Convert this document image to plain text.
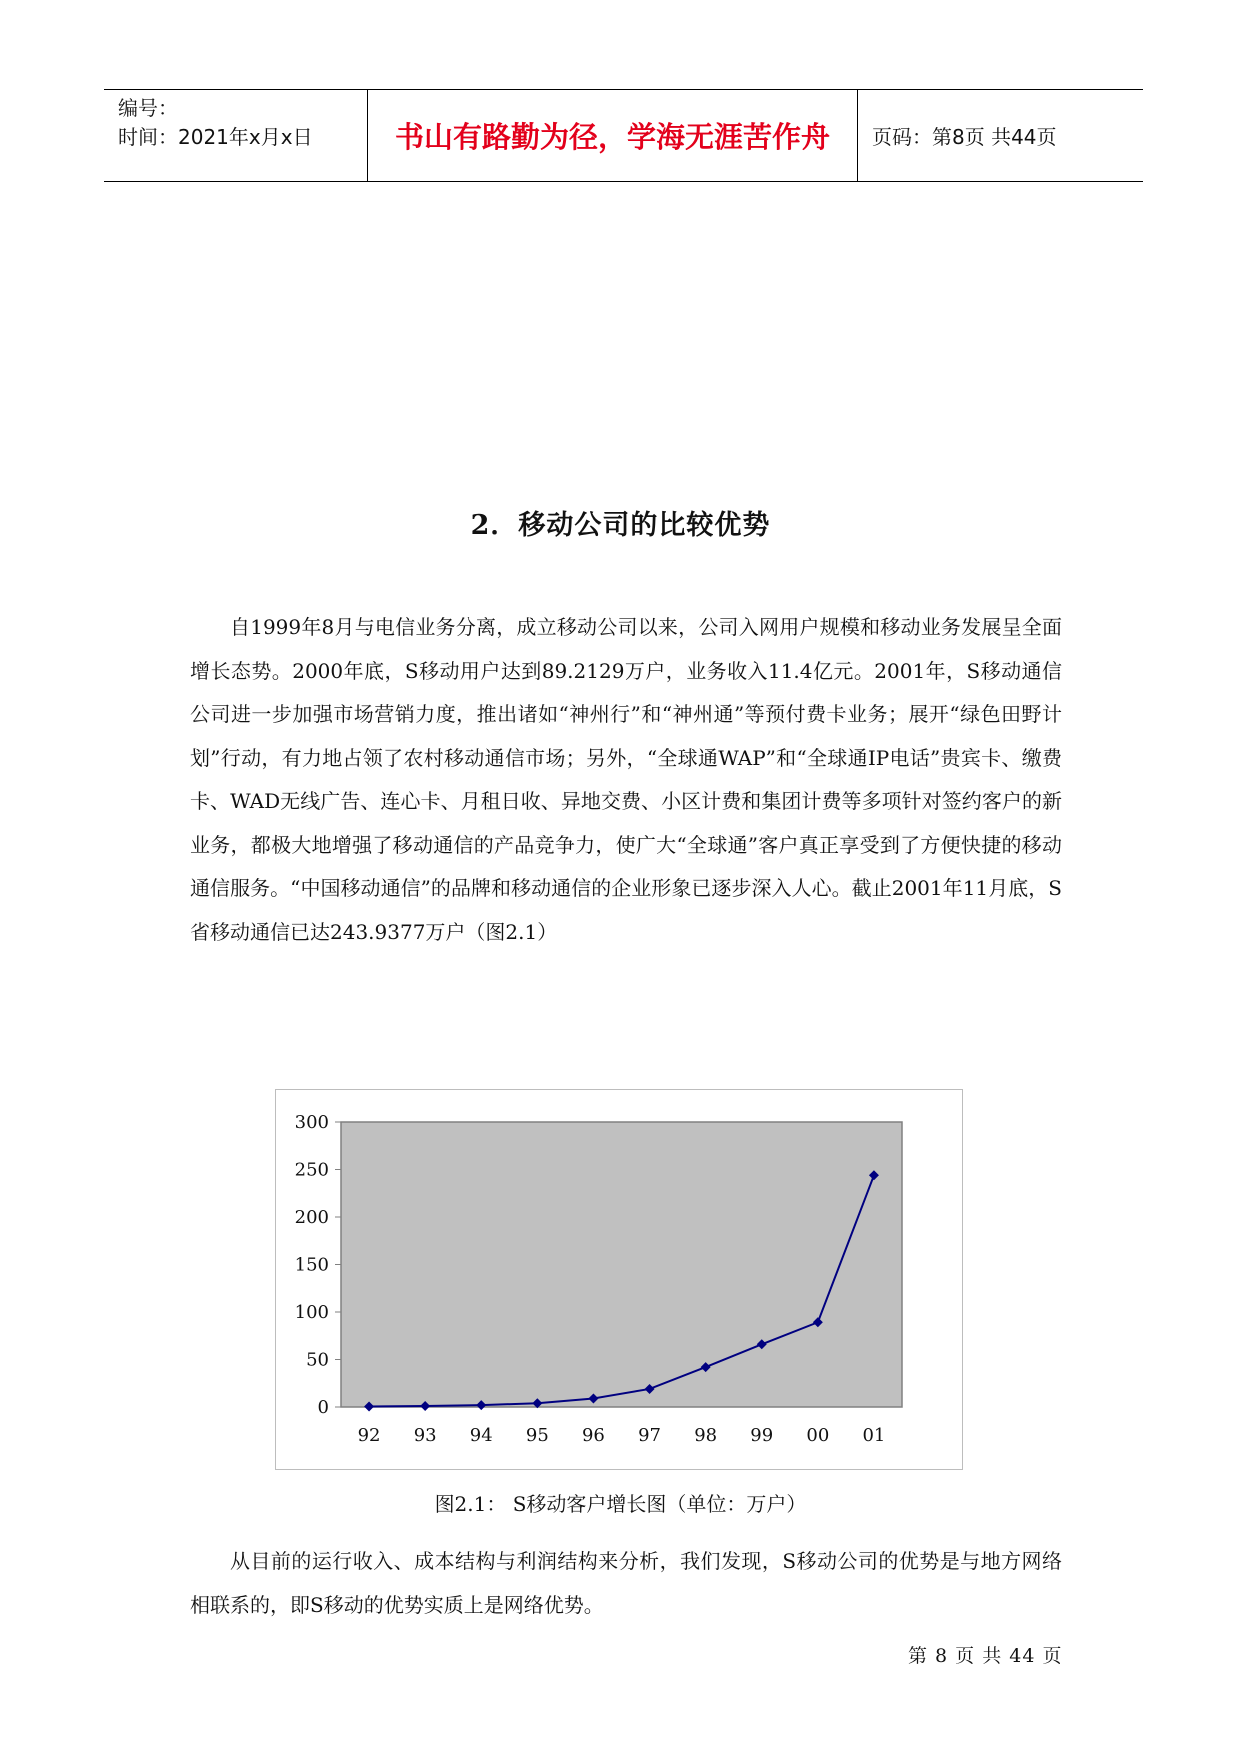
编号：
时间：2021年x月x日	书山有路勤为径，学海无涯苦作舟 页码：第8页 共44页
2．移动公司的比较优势
自1999年8月与电信业务分离，成立移动公司以来，公司入网用户规模和移动业务发展呈全面增长态势。2000年底，S移动用户达到89.2129万户，业务收入11.4亿元。2001年，S移动通信公司进一步加强市场营销力度，推出诸如“神州行”和“神州通”等预付费卡业务；展开“绿色田野计划”行动，有力地占领了农村移动通信市场；另外，“全球通WAP”和“全球通IP电话”贵宾卡、缴费卡、WAD无线广告、连心卡、月租日收、异地交费、小区计费和集团计费等多项针对签约客户的新业务，都极大地增强了移动通信的产品竞争力，使广大“全球通”客户真正享受到了方便快捷的移动通信服务。“中国移动通信”的品牌和移动通信的企业形象已逐步深入人心。截止2001年11月底，S省移动通信已达243.9377万户（图2.1）
0
50
100
150
200
250
300
92 93 94 95 96 97 98 99 00 01
图2.1： S移动客户增长图（单位：万户）
从目前的运行收入、成本结构与利润结构来分析，我们发现，S移动公司的优势是与地方网络相联系的，即S移动的优势实质上是网络优势。
第 8 页 共 44 页
